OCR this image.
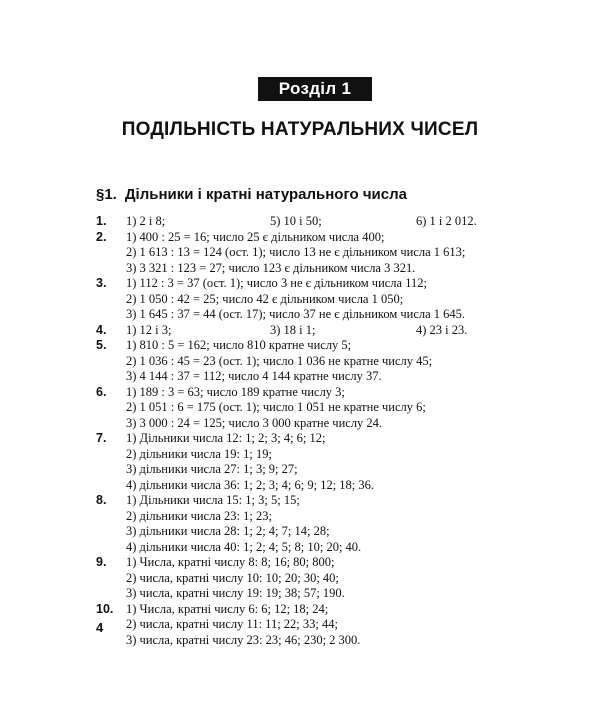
Розділ 1
ПОДІЛЬНІСТЬ НАТУРАЛЬНИХ ЧИСЕЛ
§1. Дільники і кратні натурального числа
1.	1) 2 і 8;	5) 10 і 50;	6) 1 і 2 012.
2.	1) 400 : 25 = 16; число 25 є дільником числа 400;
2) 1 613 : 13 = 124 (ост. 1); число 13 не є дільником числа 1 613;
3) 3 321 : 123 = 27; число 123 є дільником числа 3 321.
3.	1) 112 : 3 = 37 (ост. 1); число 3 не є дільником числа 112;
2) 1 050 : 42 = 25; число 42 є дільником числа 1 050;
3) 1 645 : 37 = 44 (ост. 17); число 37 не є дільником числа 1 645.
4.	1) 12 і 3;	3) 18 і 1;	4) 23 і 23.
5.	1) 810 : 5 = 162; число 810 кратне числу 5;
2) 1 036 : 45 = 23 (ост. 1); число 1 036 не кратне числу 45;
3) 4 144 : 37 = 112; число 4 144 кратне числу 37.
6.	1) 189 : 3 = 63; число 189 кратне числу 3;
2) 1 051 : 6 = 175 (ост. 1); число 1 051 не кратне числу 6;
3) 3 000 : 24 = 125; число 3 000 кратне числу 24.
7.	1) Дільники числа 12: 1; 2; 3; 4; 6; 12;
2) дільники числа 19: 1; 19;
3) дільники числа 27: 1; 3; 9; 27;
4) дільники числа 36: 1; 2; 3; 4; 6; 9; 12; 18; 36.
8.	1) Дільники числа 15: 1; 3; 5; 15;
2) дільники числа 23: 1; 23;
3) дільники числа 28: 1; 2; 4; 7; 14; 28;
4) дільники числа 40: 1; 2; 4; 5; 8; 10; 20; 40.
9.	1) Числа, кратні числу 8: 8; 16; 80; 800;
2) числа, кратні числу 10: 10; 20; 30; 40;
3) числа, кратні числу 19: 19; 38; 57; 190.
10.	1) Числа, кратні числу 6: 6; 12; 18; 24;
2) числа, кратні числу 11: 11; 22; 33; 44;
3) числа, кратні числу 23: 23; 46; 230; 2 300.
4
